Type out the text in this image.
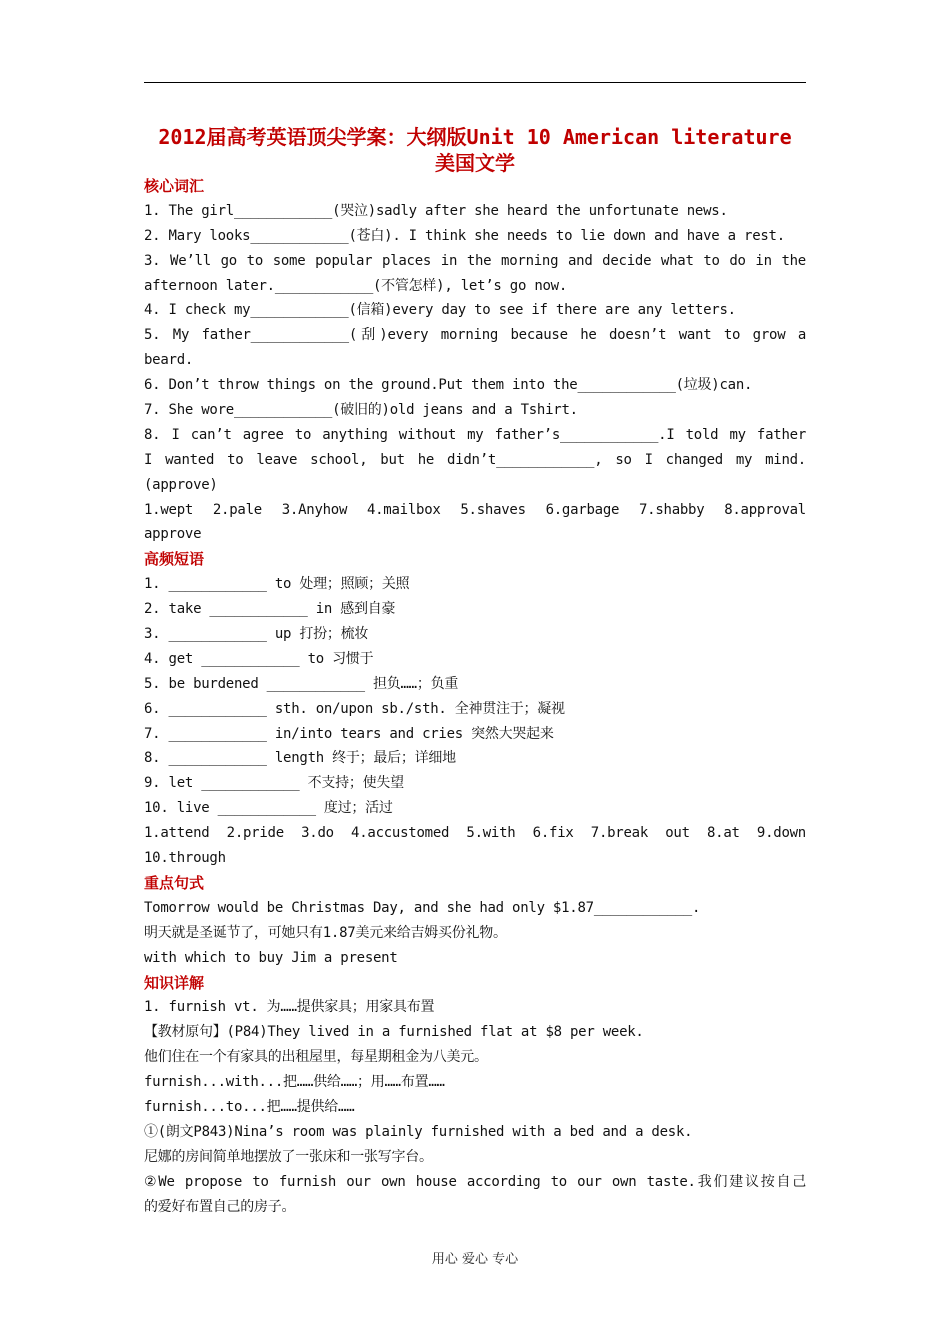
2012届高考英语顶尖学案：大纲版Unit 10 American literature
美国文学
核心词汇
1. The girl____________(哭泣)sadly after she heard the unfortunate news.
2. Mary looks____________(苍白). I think she needs to lie down and have a rest.
3. We’ll go to some popular places in the morning and decide what to do in the
afternoon later.____________(不管怎样), let’s go now.
4. I check my____________(信箱)every day to see if there are any letters.
5. My father____________(刮)every morning because he doesn’t want to grow a
beard.
6. Don’t throw things on the ground.Put them into the____________(垃圾)can.
7. She wore____________(破旧的)old jeans and a Tshirt.
8. I can’t agree to anything without my father’s____________.I told my father
I wanted to leave school, but he didn’t____________, so I changed my mind.
(approve)
1.wept 2.pale 3.Anyhow 4.mailbox 5.shaves 6.garbage 7.shabby 8.approval
approve
高频短语
1. ____________ to 处理；照顾；关照
2. take ____________ in 感到自豪
3. ____________ up 打扮；梳妆
4. get ____________ to 习惯于
5. be burdened ____________ 担负……；负重
6. ____________ sth. on/upon sb./sth. 全神贯注于；凝视
7. ____________ in/into tears and cries 突然大哭起来
8. ____________ length 终于；最后；详细地
9. let ____________ 不支持；使失望
10. live ____________ 度过；活过
1.attend 2.pride 3.do 4.accustomed 5.with 6.fix 7.break out 8.at 9.down
10.through
重点句式
Tomorrow would be Christmas Day, and she had only $1.87____________.
明天就是圣诞节了，可她只有1.87美元来给吉姆买份礼物。
with which to buy Jim a present
知识详解
1. furnish vt. 为……提供家具；用家具布置
【教材原句】(P84)They lived in a furnished flat at $8 per week.
他们住在一个有家具的出租屋里，每星期租金为八美元。
furnish...with...把……供给……；用……布置……
furnish...to...把……提供给……
①(朗文P843)Nina’s room was plainly furnished with a bed and a desk.
尼娜的房间简单地摆放了一张床和一张写字台。
②We propose to furnish our own house according to our own taste.我们建议按自己
的爱好布置自己的房子。
用心 爱心 专心
